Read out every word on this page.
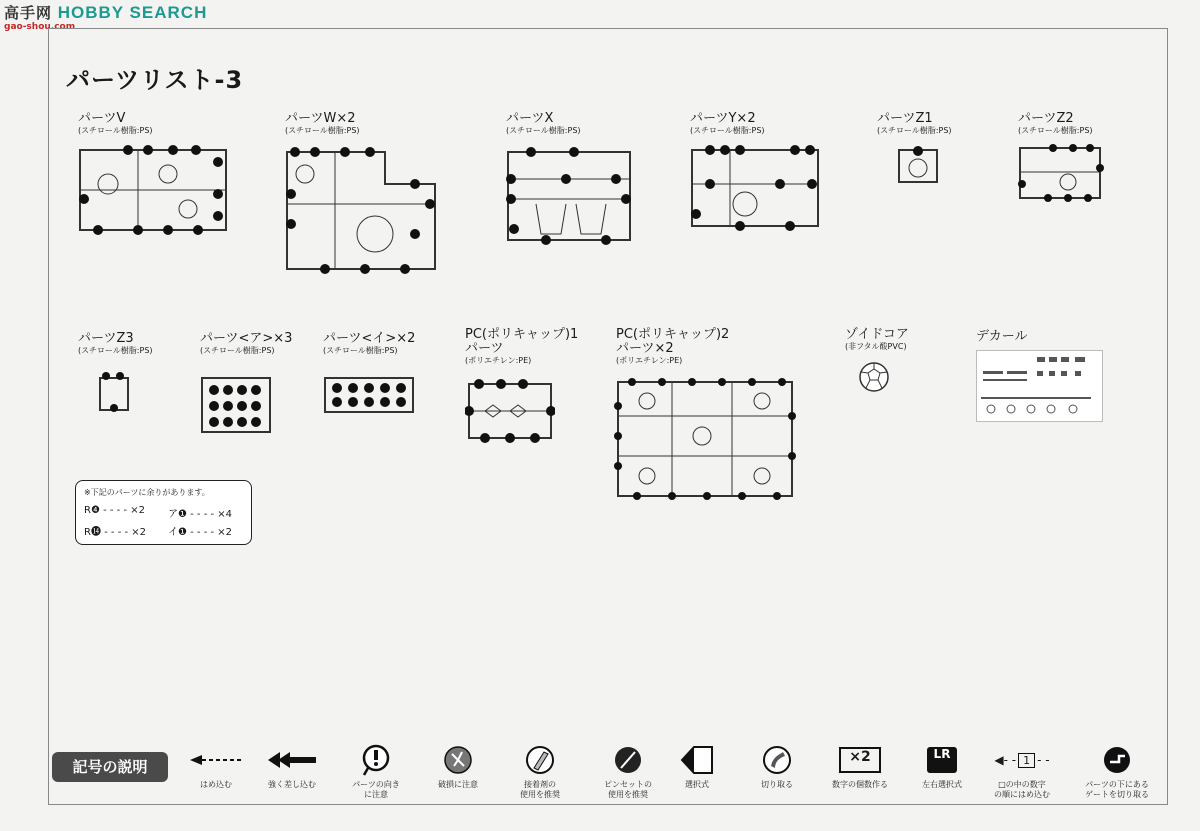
高手网 HOBBY SEARCH
gao-shou.com
パーツリスト-3
パーツV
(スチロール樹脂:PS)
パーツW×2
(スチロール樹脂:PS)
パーツX
(スチロール樹脂:PS)
パーツY×2
(スチロール樹脂:PS)
パーツZ1
(スチロール樹脂:PS)
パーツZ2
(スチロール樹脂:PS)
パーツZ3
(スチロール樹脂:PS)
パーツ<ア>×3
(スチロール樹脂:PS)
パーツ<イ>×2
(スチロール樹脂:PS)
PC(ポリキャップ)1
パーツ
(ポリエチレン:PE)
PC(ポリキャップ)2
パーツ×2
(ポリエチレン:PE)
ゾイドコア
(非フタル酸PVC)
デカール
※下記のパーツに余りがあります。
R❹ - - - - ×2 ア❶ - - - - ×4
R⓮ - - - - ×2 イ❶ - - - - ×2
記号の説明
はめ込む	強く差し込む	パーツの向き
に注意
破損に注意	接着剤の
使用を推奨
ピンセットの
使用を推奨
選択式	切り取る
×2
数字の個数作る
LR
左右選択式
◀- - 1 - -
□の中の数字
の順にはめ込む
パーツの下にある
ゲートを切り取る
